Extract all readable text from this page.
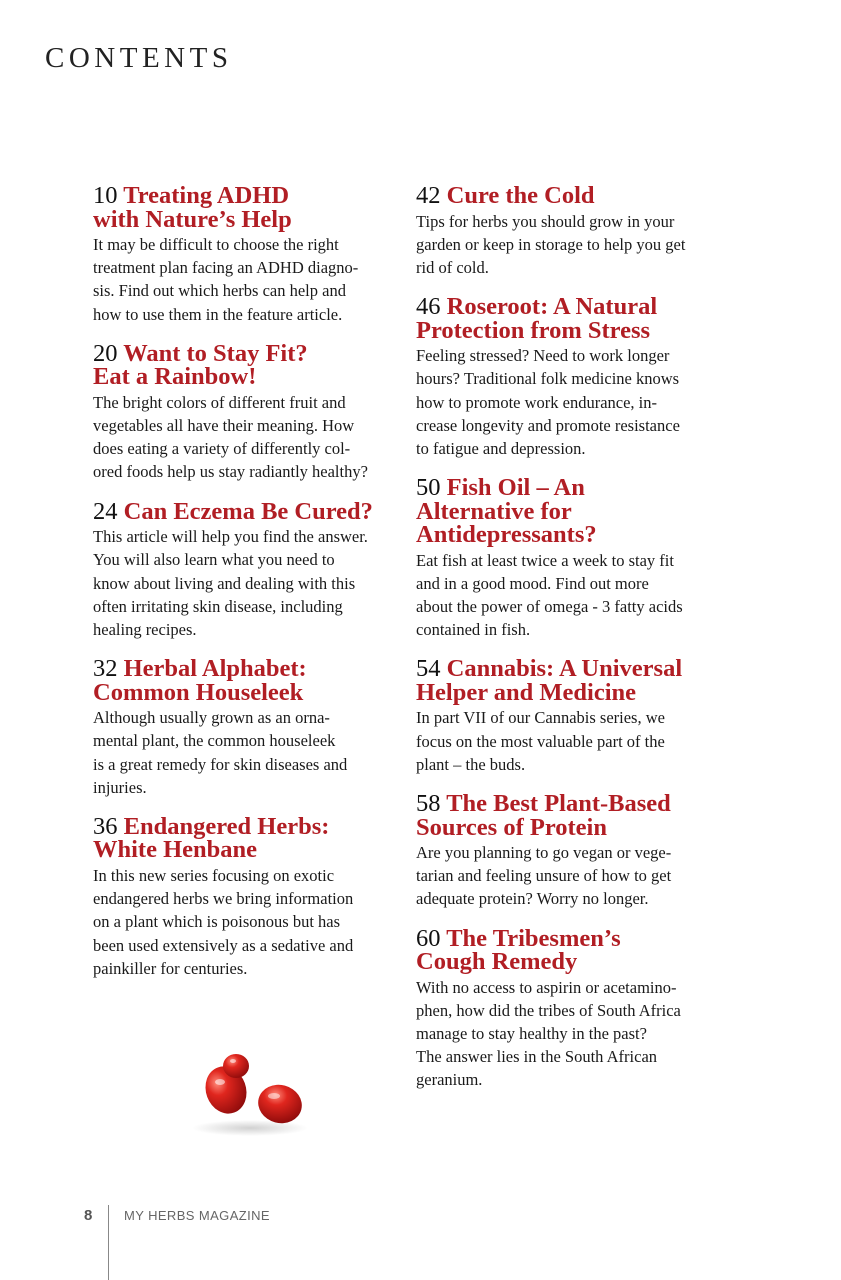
CONTENTS
10 Treating ADHD
with Nature’s Help

It may be difficult to choose the right
treatment plan facing an ADHD diagno-
sis. Find out which herbs can help and
how to use them in the feature article.

20 Want to Stay Fit?
Eat a Rainbow!

The bright colors of different fruit and
vegetables all have their meaning. How
does eating a variety of differently col-
ored foods help us stay radiantly healthy?

24 Can Eczema Be Cured?

This article will help you find the answer.
You will also learn what you need to
know about living and dealing with this
often irritating skin disease, including
healing recipes.

32 Herbal Alphabet:
Common Houseleek

Although usually grown as an orna-
mental plant, the common houseleek
is a great remedy for skin diseases and
injuries.

36 Endangered Herbs:
White Henbane

In this new series focusing on exotic
endangered herbs we bring information
on a plant which is poisonous but has
been used extensively as a sedative and
painkiller for centuries.

42 Cure the Cold

Tips for herbs you should grow in your
garden or keep in storage to help you get
rid of cold.

46 Roseroot: A Natural
Protection from Stress

Feeling stressed? Need to work longer
hours? Traditional folk medicine knows
how to promote work endurance, in-
crease longevity and promote resistance
to fatigue and depression.

50 Fish Oil – An
Alternative for
Antidepressants?

Eat fish at least twice a week to stay fit
and in a good mood. Find out more
about the power of omega - 3 fatty acids
contained in fish.

54 Cannabis: A Universal
Helper and Medicine

In part VII of our Cannabis series, we
focus on the most valuable part of the
plant – the buds.

58 The Best Plant-Based
Sources of Protein

Are you planning to go vegan or vege-
tarian and feeling unsure of how to get
adequate protein? Worry no longer.

60 The Tribesmen’s
Cough Remedy

With no access to aspirin or acetamino-
phen, how did the tribes of South Africa
manage to stay healthy in the past?
The answer lies in the South African
geranium.

8 MY HERBS MAGAZINE
